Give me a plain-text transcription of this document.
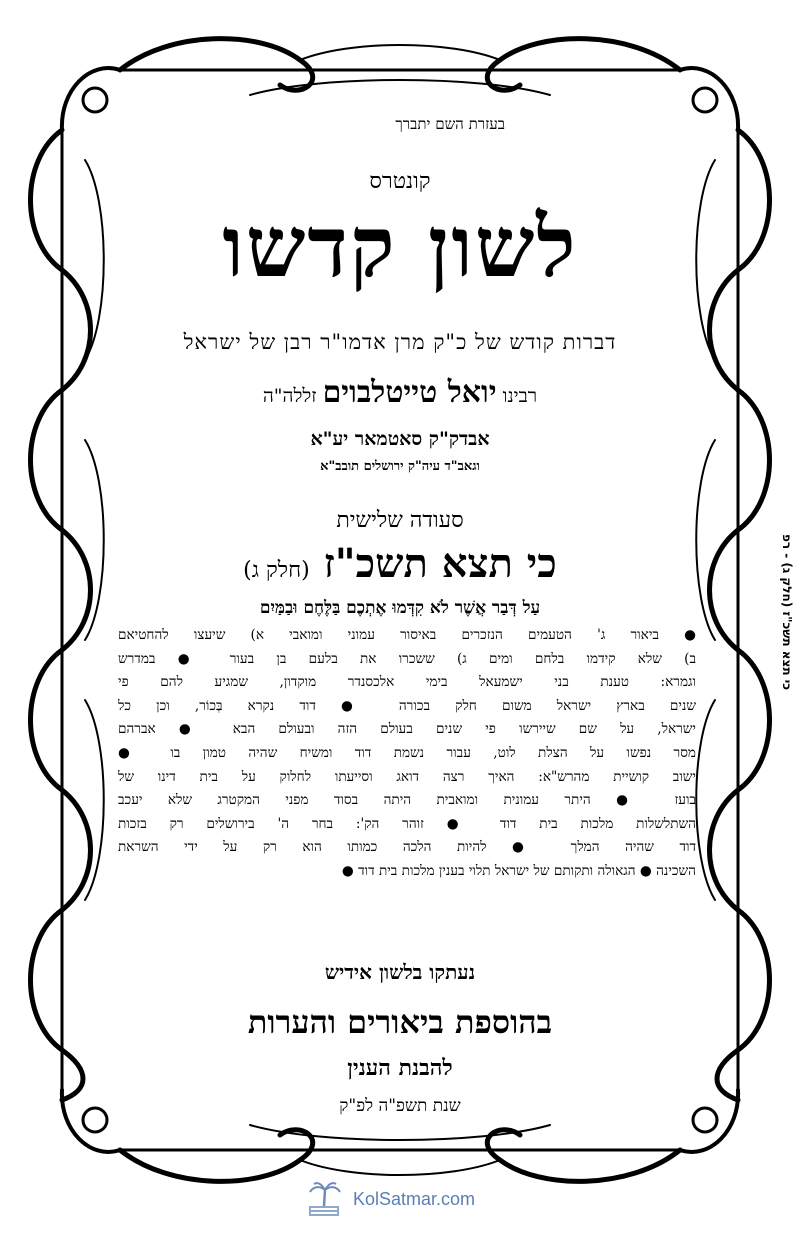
בעזרת השם יתברך
קונטרס
לשון קדשו
דברות קודש של כ"ק מרן אדמו"ר רבן של ישראל
רבינו יואל טייטלבוים זללה"ה
אבדק"ק סאטמאר יע"א
וגאב"ד עיה"ק ירושלים תובב"א
סעודה שלישית
כי תצא תשכ"ז (חלק ג)
עַל דְּבַר אֲשֶׁר לֹא קִדְּמוּ אֶתְכֶם בַּלֶּחֶם וּבַמַּיִם
● ביאור ג' הטעמים הנזכרים באיסור עמוני ומואבי א) שיעצו להחטיאם
ב) שלא קידמו בלחם ומים ג) ששכרו את בלעם בן בעור ● במדרש
וגמרא: טענת בני ישמעאל בימי אלכסנדר מוקדון, שמגיע להם פי
שנים בארץ ישראל משום חלק בכורה ● דוד נקרא בְּכוֹר, וכן כל
ישראל, על שם שיירשו פי שנים בעולם הזה ובעולם הבא ● אברהם
מסר נפשו על הצלת לוט, עבור נשמת דוד ומשיח שהיה טמון בו ●
ישוב קושיית מהרש"א: האיך רצה דואג וסייעתו לחלוק על בית דינו של
בועז ● היתר עמונית ומואבית היתה בסוד מפני המקטרג שלא יעכב
השתלשלות מלכות בית דוד ● זוהר הק': בחר ה' בירושלים רק בזכות
דוד שהיה המלך ● להיות הלכה כמותו הוא רק על ידי השראת
השכינה ● הגאולה ותקותם של ישראל תלוי בענין מלכות בית דוד ●
נעתקו בלשון אידיש
בהוספת ביאורים והערות
להבנת הענין
שנת תשפ"ה לפ"ק
כי תצא תשכ"ז (חלק ג) - רפ
KolSatmar.com
